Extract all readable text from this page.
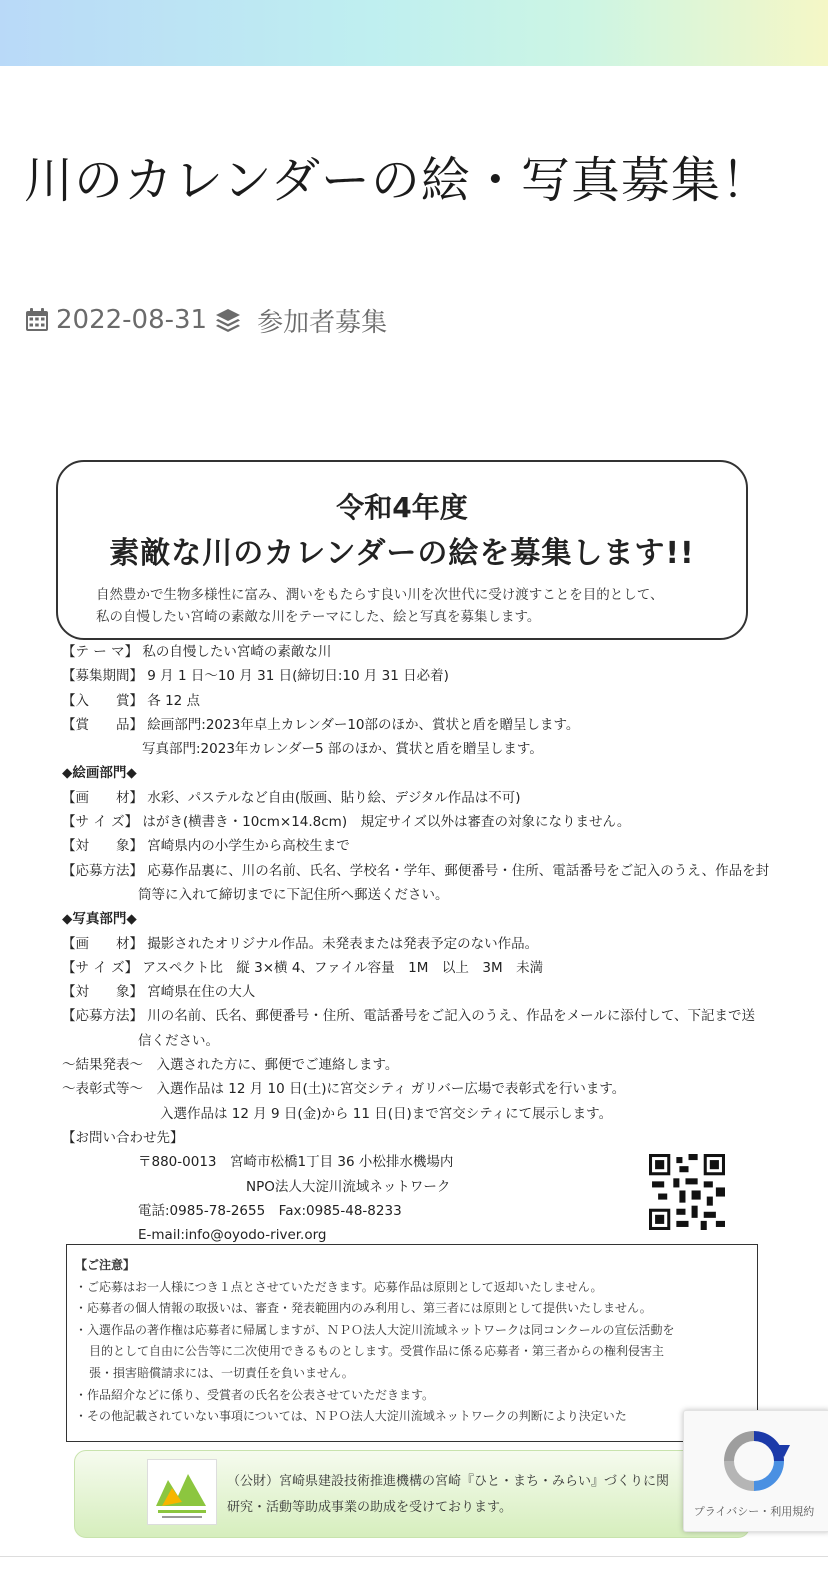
川のカレンダーの絵・写真募集！
2022-08-31 参加者募集
令和4年度
素敵な川のカレンダーの絵を募集します!!
自然豊かで生物多様性に富み、潤いをもたらす良い川を次世代に受け渡すことを目的として、
私の自慢したい宮崎の素敵な川をテーマにした、絵と写真を募集します。
【テ ー マ】 私の自慢したい宮崎の素敵な川
【募集期間】 9 月 1 日～10 月 31 日(締切日:10 月 31 日必着)
【入　　賞】 各 12 点
【賞　　品】 絵画部門:2023年卓上カレンダー10部のほか、賞状と盾を贈呈します。
写真部門:2023年カレンダー5 部のほか、賞状と盾を贈呈します。
◆絵画部門◆
【画　　材】 水彩、パステルなど自由(版画、貼り絵、デジタル作品は不可)
【サ イ ズ】 はがき(横書き・10cm×14.8cm)　規定サイズ以外は審査の対象になりません。
【対　　象】 宮崎県内の小学生から高校生まで
【応募方法】 応募作品裏に、川の名前、氏名、学校名・学年、郵便番号・住所、電話番号をご記入のうえ、作品を封
筒等に入れて締切までに下記住所へ郵送ください。
◆写真部門◆
【画　　材】 撮影されたオリジナル作品。未発表または発表予定のない作品。
【サ イ ズ】 アスペクト比　縦 3×横 4、ファイル容量　1M　以上　3M　未満
【対　　象】 宮崎県在住の大人
【応募方法】 川の名前、氏名、郵便番号・住所、電話番号をご記入のうえ、作品をメールに添付して、下記まで送
信ください。
～結果発表～　入選された方に、郵便でご連絡します。
～表彰式等～　入選作品は 12 月 10 日(土)に宮交シティ ガリバー広場で表彰式を行います。
入選作品は 12 月 9 日(金)から 11 日(日)まで宮交シティにて展示します。
【お問い合わせ先】
〒880-0013　宮崎市松橋1丁目 36 小松排水機場内
　　　　　　　　NPO法人大淀川流域ネットワーク
電話:0985-78-2655　Fax:0985-48-8233
E-mail:info@oyodo-river.org
【ご注意】
・ご応募はお一人様につき１点とさせていただきます。応募作品は原則として返却いたしません。
・応募者の個人情報の取扱いは、審査・発表範囲内のみ利用し、第三者には原則として提供いたしません。
・入選作品の著作権は応募者に帰属しますが、ＮＰＯ法人大淀川流域ネットワークは同コンクールの宣伝活動を
目的として自由に公告等に二次使用できるものとします。受賞作品に係る応募者・第三者からの権利侵害主
張・損害賠償請求には、一切責任を負いません。
・作品紹介などに係り、受賞者の氏名を公表させていただきます。
・その他記載されていない事項については、ＮＰＯ法人大淀川流域ネットワークの判断により決定いた
（公財）宮崎県建設技術推進機構の宮崎『ひと・まち・みらい』づくりに関
研究・活動等助成事業の助成を受けております。	プライバシー・利用規約
